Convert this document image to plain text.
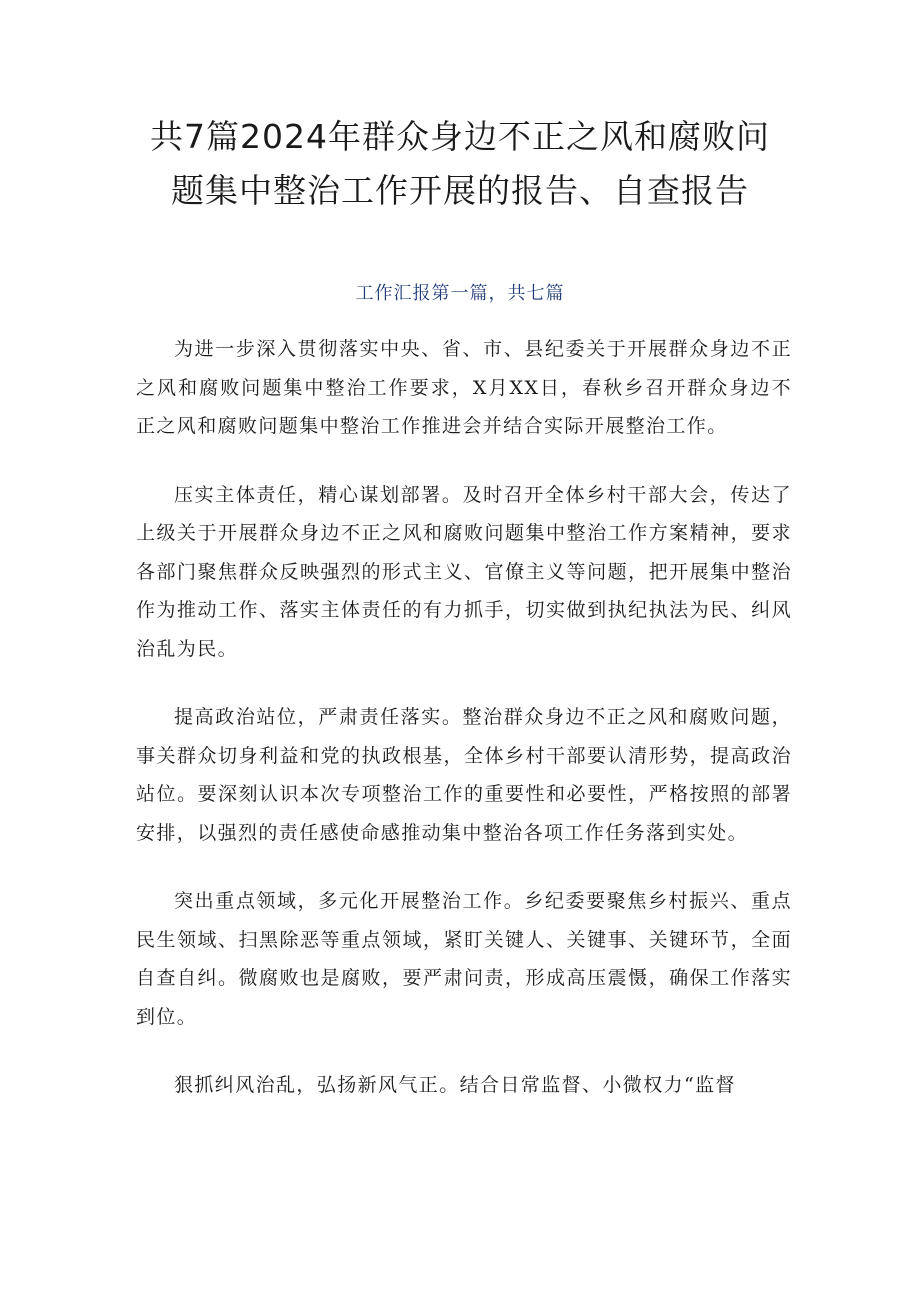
共7篇2024年群众身边不正之风和腐败问
题集中整治工作开展的报告、自查报告
工作汇报第一篇，共七篇

为进一步深入贯彻落实中央、省、市、县纪委关于开展群众身边不正之风和腐败问题集中整治工作要求，X月XX日，春秋乡召开群众身边不正之风和腐败问题集中整治工作推进会并结合实际开展整治工作。

压实主体责任，精心谋划部署。及时召开全体乡村干部大会，传达了上级关于开展群众身边不正之风和腐败问题集中整治工作方案精神，要求各部门聚焦群众反映强烈的形式主义、官僚主义等问题，把开展集中整治作为推动工作、落实主体责任的有力抓手，切实做到执纪执法为民、纠风治乱为民。

提高政治站位，严肃责任落实。整治群众身边不正之风和腐败问题，事关群众切身利益和党的执政根基，全体乡村干部要认清形势，提高政治站位。要深刻认识本次专项整治工作的重要性和必要性，严格按照的部署安排，以强烈的责任感使命感推动集中整治各项工作任务落到实处。

突出重点领域，多元化开展整治工作。乡纪委要聚焦乡村振兴、重点民生领域、扫黑除恶等重点领域，紧盯关键人、关键事、关键环节，全面自查自纠。微腐败也是腐败，要严肃问责，形成高压震慑，确保工作落实到位。

狠抓纠风治乱，弘扬新风气正。结合日常监督、小微权力“监督
